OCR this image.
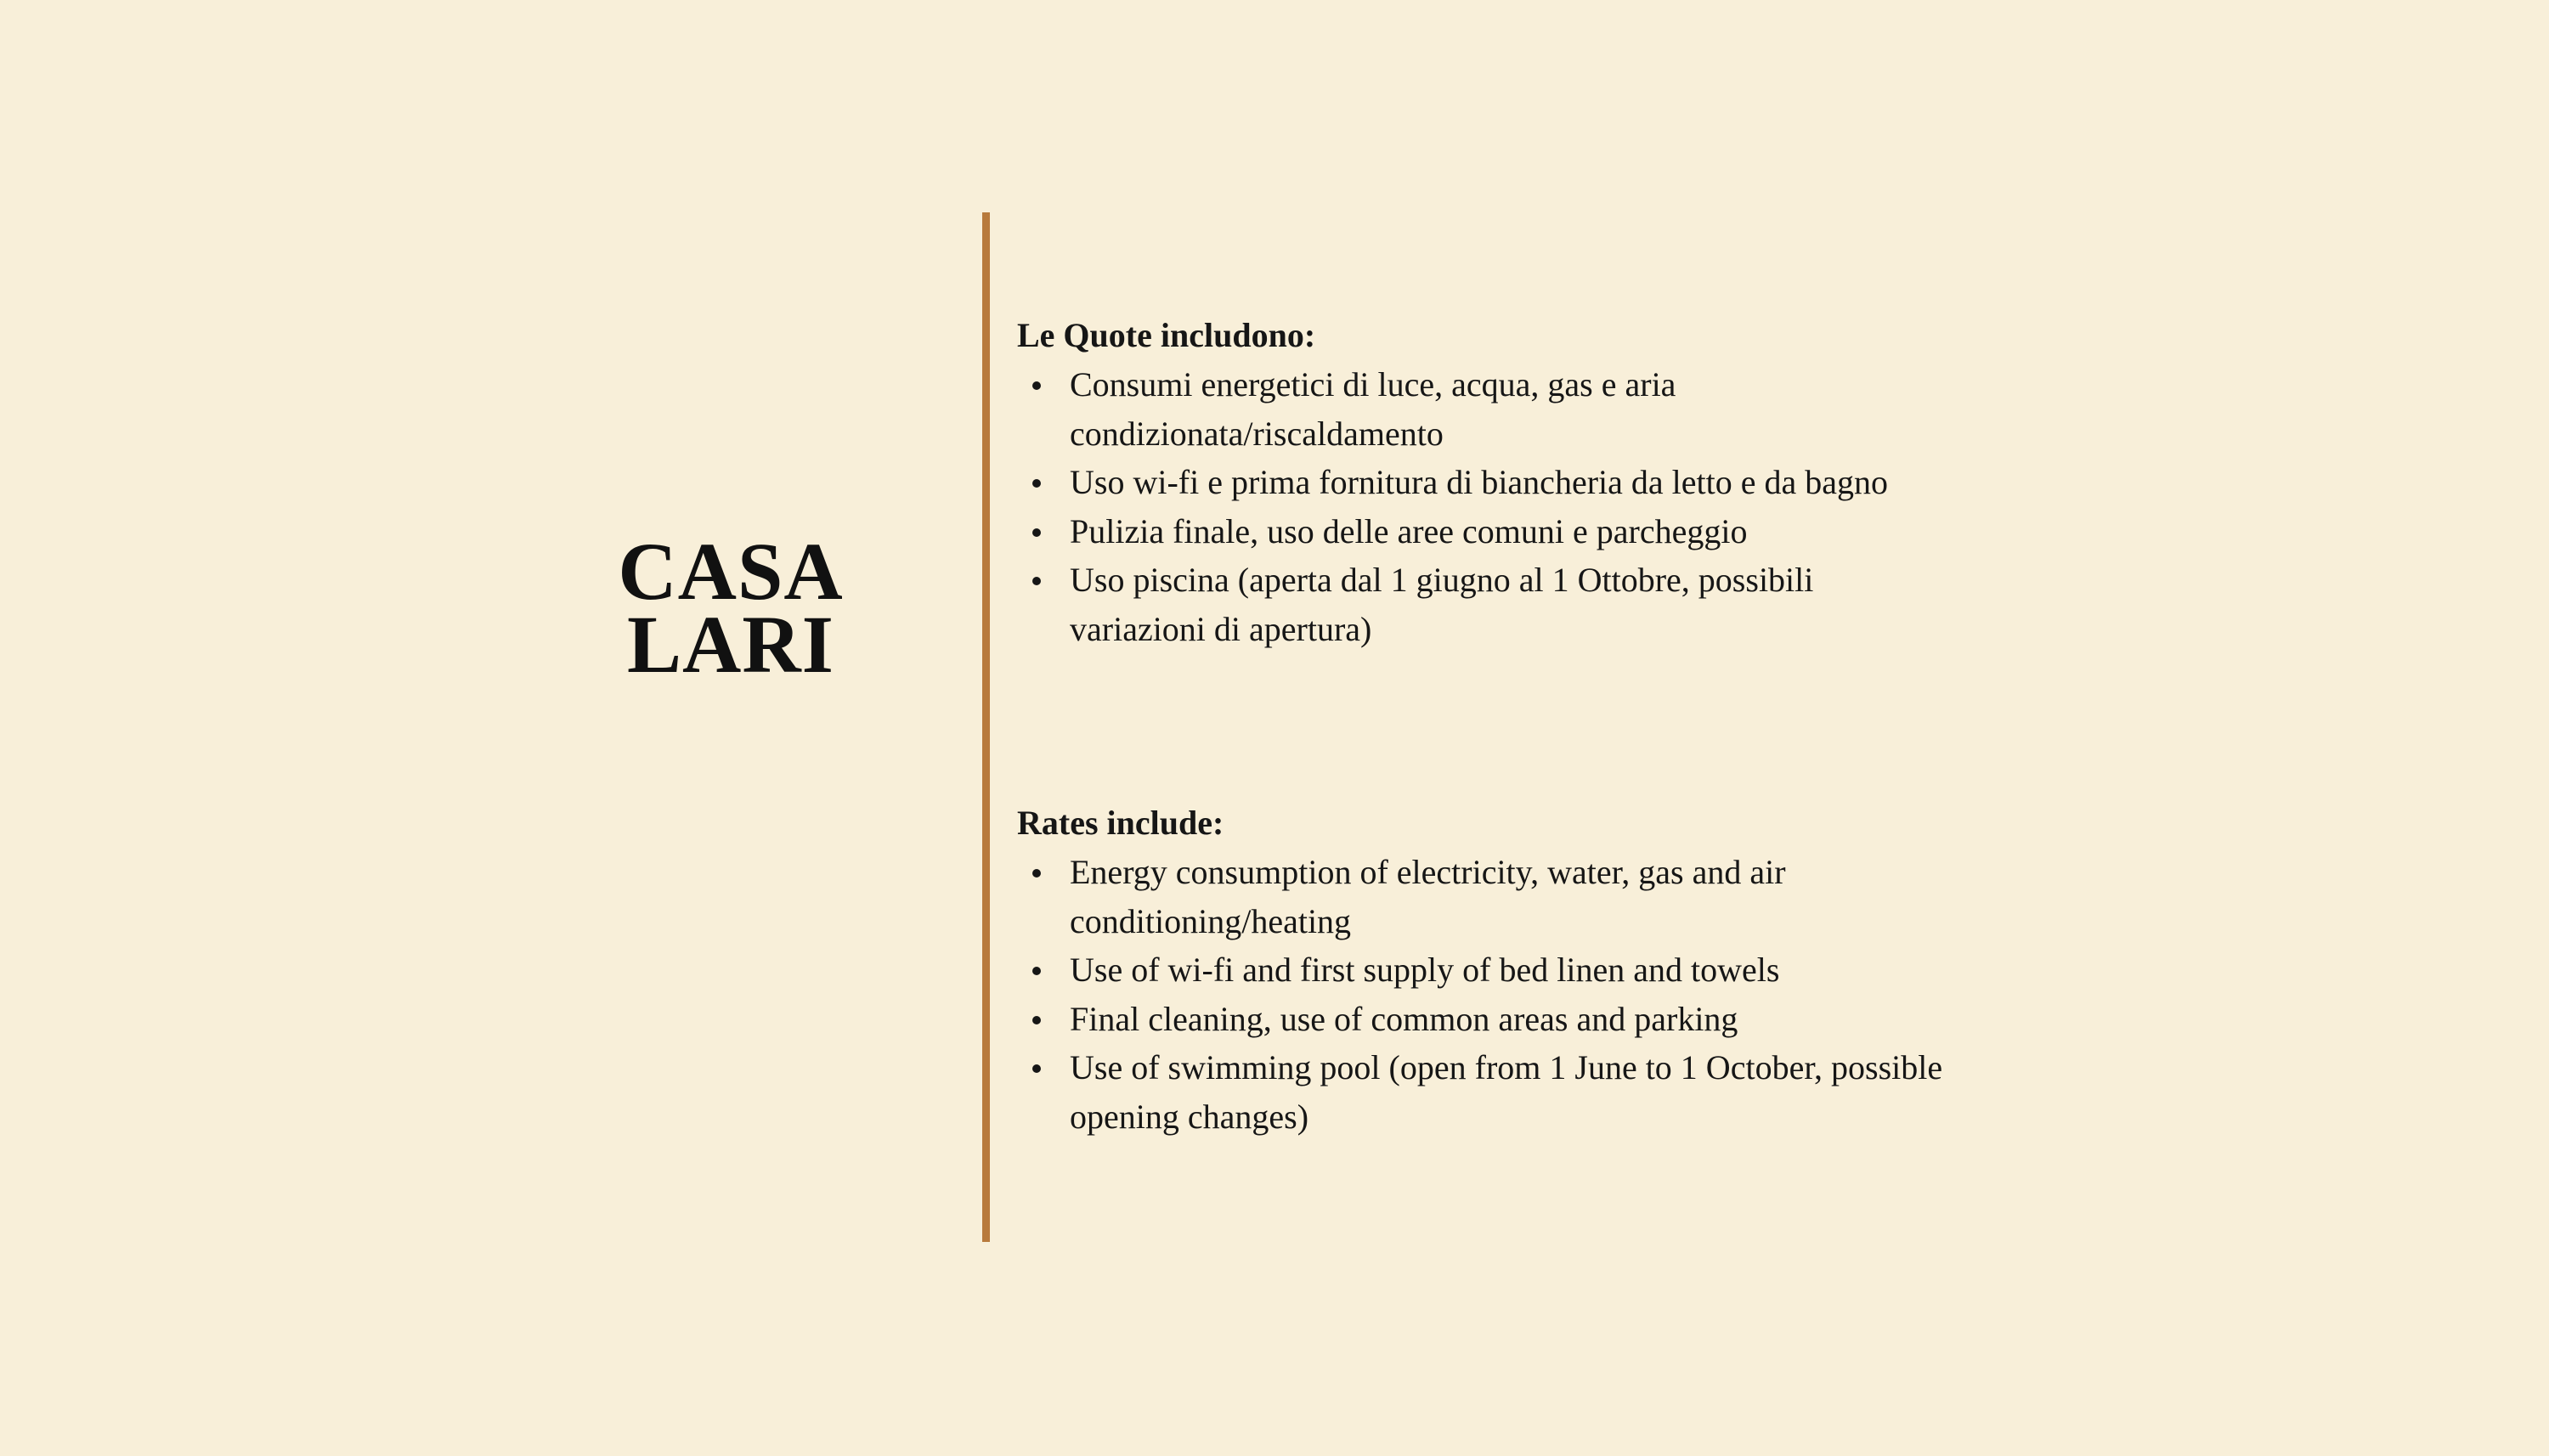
CASA
LARI

Le Quote includono:

Consumi energetici di luce, acqua, gas e aria condizionata/riscaldamento
Uso wi-fi e prima fornitura di biancheria da letto e da bagno
Pulizia finale, uso delle aree comuni e parcheggio
Uso piscina (aperta dal 1 giugno al 1 Ottobre, possibili variazioni di apertura)

Rates include:

Energy consumption of electricity, water, gas and air conditioning/heating
Use of wi-fi and first supply of bed linen and towels
Final cleaning, use of common areas and parking
Use of swimming pool (open from 1 June to 1 October, possible opening changes)
